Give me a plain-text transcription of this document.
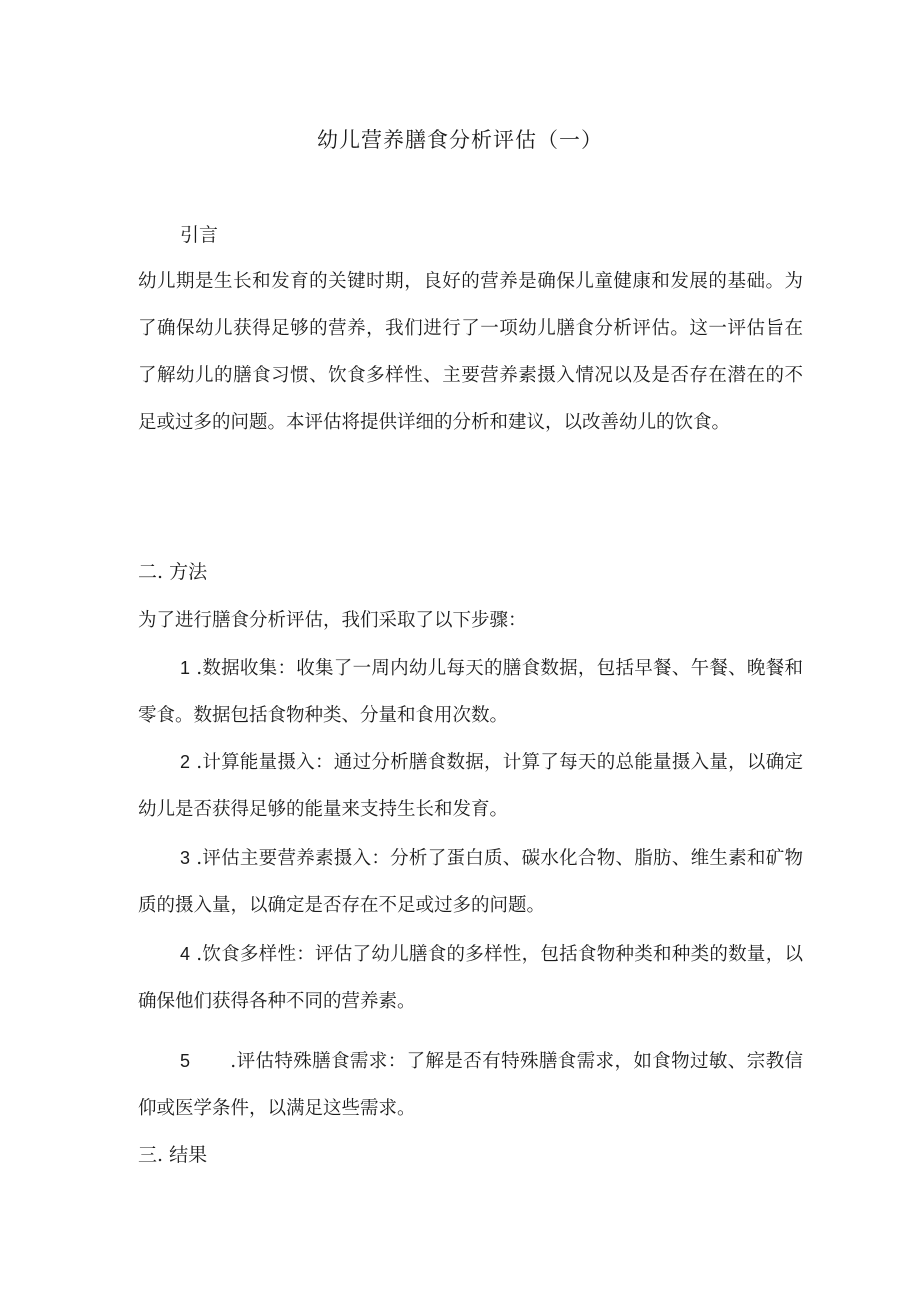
幼儿营养膳食分析评估（一）
引言
幼儿期是生长和发育的关键时期，良好的营养是确保儿童健康和发展的基础。为了确保幼儿获得足够的营养，我们进行了一项幼儿膳食分析评估。这一评估旨在了解幼儿的膳食习惯、饮食多样性、主要营养素摄入情况以及是否存在潜在的不足或过多的问题。本评估将提供详细的分析和建议，以改善幼儿的饮食。
二. 方法
为了进行膳食分析评估，我们采取了以下步骤：
1 .数据收集：收集了一周内幼儿每天的膳食数据，包括早餐、午餐、晚餐和零食。数据包括食物种类、分量和食用次数。
2 .计算能量摄入：通过分析膳食数据，计算了每天的总能量摄入量，以确定幼儿是否获得足够的能量来支持生长和发育。
3 .评估主要营养素摄入：分析了蛋白质、碳水化合物、脂肪、维生素和矿物质的摄入量，以确定是否存在不足或过多的问题。
4 .饮食多样性：评估了幼儿膳食的多样性，包括食物种类和种类的数量，以确保他们获得各种不同的营养素。
5 .评估特殊膳食需求：了解是否有特殊膳食需求，如食物过敏、宗教信仰或医学条件，以满足这些需求。
三. 结果
